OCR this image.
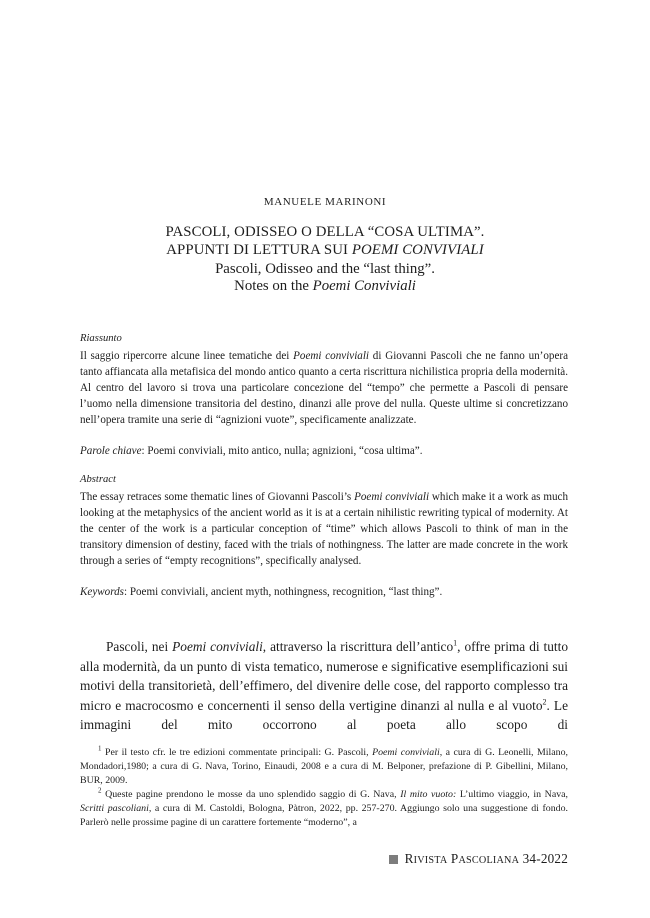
MANUELE MARINONI
PASCOLI, ODISSEO O DELLA “COSA ULTIMA”.
APPUNTI DI LETTURA SUI POEMI CONVIVIALI
Pascoli, Odisseo and the “last thing”.
Notes on the Poemi Conviviali
Riassunto
Il saggio ripercorre alcune linee tematiche dei Poemi conviviali di Giovanni Pascoli che ne fanno un’opera tanto affiancata alla metafisica del mondo antico quanto a certa riscrittura nichilistica propria della modernità. Al centro del lavoro si trova una particolare concezione del “tempo” che permette a Pascoli di pensare l’uomo nella dimensione transitoria del destino, dinanzi alle prove del nulla. Queste ultime si concretizzano nell’opera tramite una serie di “agnizioni vuote”, specificamente analizzate.
Parole chiave: Poemi conviviali, mito antico, nulla; agnizioni, “cosa ultima”.
Abstract
The essay retraces some thematic lines of Giovanni Pascoli’s Poemi conviviali which make it a work as much looking at the metaphysics of the ancient world as it is at a certain nihilistic rewriting typical of modernity. At the center of the work is a particular conception of “time” which allows Pascoli to think of man in the transitory dimension of destiny, faced with the trials of nothingness. The latter are made concrete in the work through a series of “empty recognitions”, specifically analysed.
Keywords: Poemi conviviali, ancient myth, nothingness, recognition, “last thing”.
Pascoli, nei Poemi conviviali, attraverso la riscrittura dell’antico$^1$, offre prima di tutto alla modernità, da un punto di vista tematico, numerose e significative esemplificazioni sui motivi della transitorietà, dell’effimero, del divenire delle cose, del rapporto complesso tra micro e macrocosmo e concernenti il senso della vertigine dinanzi al nulla e al vuoto$^2$. Le immagini del mito occorrono al poeta allo scopo di
$^1$ Per il testo cfr. le tre edizioni commentate principali: G. Pascoli, Poemi conviviali, a cura di G. Leonelli, Milano, Mondadori,1980; a cura di G. Nava, Torino, Einaudi, 2008 e a cura di M. Belponer, prefazione di P. Gibellini, Milano, BUR, 2009.
$^2$ Queste pagine prendono le mosse da uno splendido saggio di G. Nava, Il mito vuoto: L’ultimo viaggio, in Nava, Scritti pascoliani, a cura di M. Castoldi, Bologna, Pàtron, 2022, pp. 257-270. Aggiungo solo una suggestione di fondo. Parlerò nelle prossime pagine di un carattere fortemente “moderno”, a
RIVISTA PASCOLIANA
34-2022
